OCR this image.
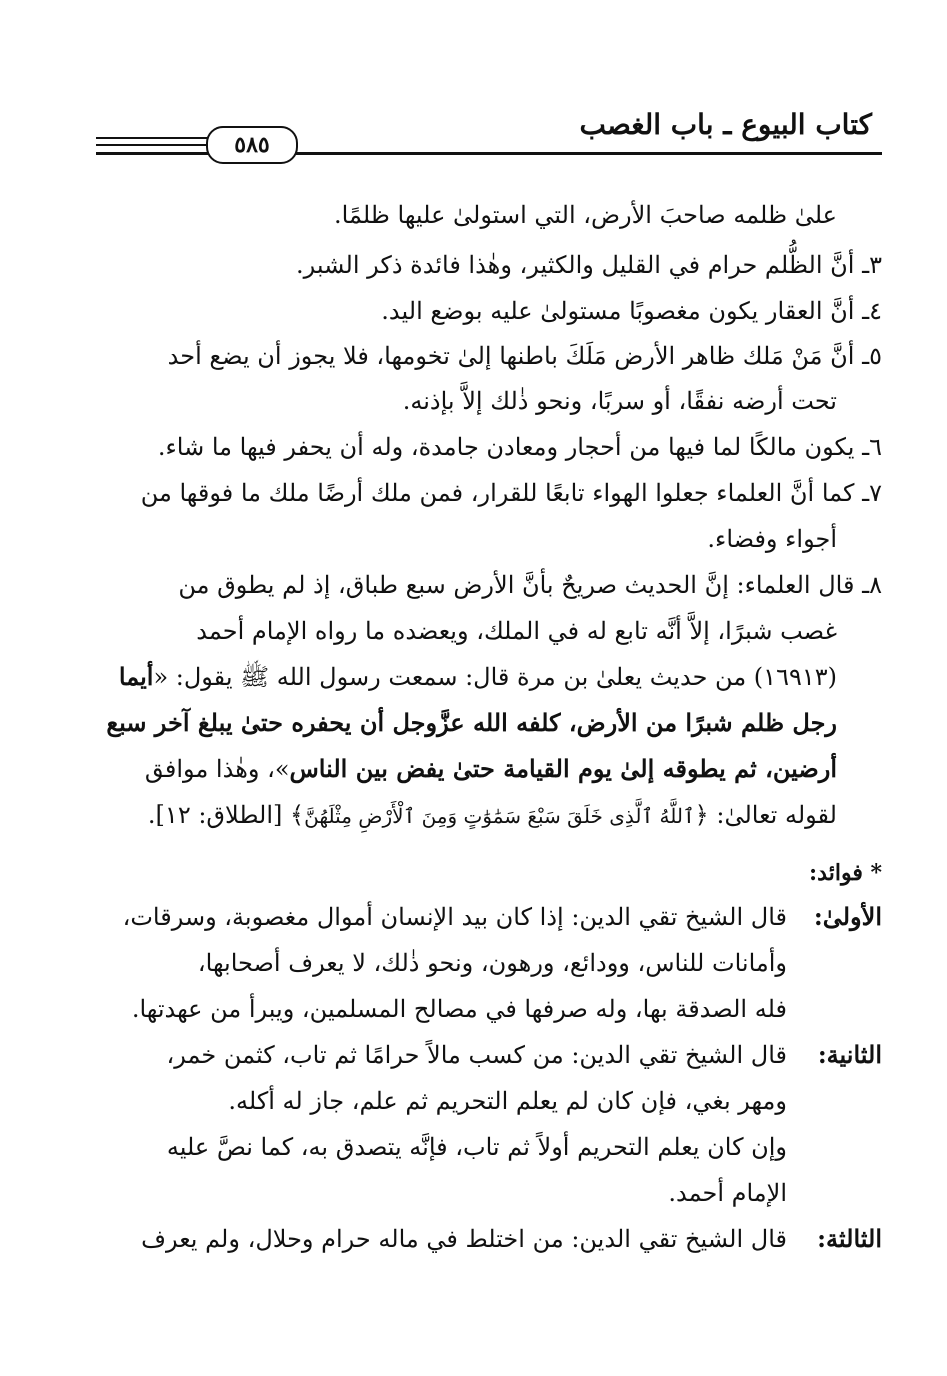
كتاب البيوع ـ باب الغصب
٥٨٥
علىٰ ظلمه صاحبَ الأرض، التي استولىٰ عليها ظلمًا.
٣ـ أنَّ الظُّلم حرام في القليل والكثير، وهٰذا فائدة ذكر الشبر.
٤ـ أنَّ العقار يكون مغصوبًا مستولىٰ عليه بوضع اليد.
٥ـ أنَّ مَنْ مَلك ظاهر الأرض مَلَكَ باطنها إلىٰ تخومها، فلا يجوز أن يضع أحد
تحت أرضه نفقًا، أو سربًا، ونحو ذٰلك إلاَّ بإذنه.
٦ـ يكون مالكًا لما فيها من أحجار ومعادن جامدة، وله أن يحفر فيها ما شاء.
٧ـ كما أنَّ العلماء جعلوا الهواء تابعًا للقرار، فمن ملك أرضًا ملك ما فوقها من
أجواء وفضاء.
٨ـ قال العلماء: إنَّ الحديث صريحٌ بأنَّ الأرض سبع طباق، إذ لم يطوق من
غصب شبرًا، إلاَّ أنَّه تابع له في الملك، ويعضده ما رواه الإمام أحمد
(١٦٩١٣) من حديث يعلىٰ بن مرة قال: سمعت رسول الله ﷺ يقول: «أيما
رجل ظلم شبرًا من الأرض، كلفه الله عزَّوجل أن يحفره حتىٰ يبلغ آخر سبع
أرضين، ثم يطوقه إلىٰ يوم القيامة حتىٰ يفض بين الناس»، وهٰذا موافق
لقوله تعالىٰ: ﴿ٱللَّهُ ٱلَّذِى خَلَقَ سَبْعَ سَمَٰوَٰتٍ وَمِنَ ٱلْأَرْضِ مِثْلَهُنَّ﴾ [الطلاق: ١٢].
* فوائد:
الأولىٰ:
قال الشيخ تقي الدين: إذا كان بيد الإنسان أموال مغصوبة، وسرقات،
وأمانات للناس، وودائع، ورهون، ونحو ذٰلك، لا يعرف أصحابها،
فله الصدقة بها، وله صرفها في مصالح المسلمين، ويبرأ من عهدتها.
الثانية:
قال الشيخ تقي الدين: من كسب مالاً حرامًا ثم تاب، كثمن خمر،
ومهر بغي، فإن كان لم يعلم التحريم ثم علم، جاز له أكله.
وإن كان يعلم التحريم أولاً ثم تاب، فإنَّه يتصدق به، كما نصَّ عليه
الإمام أحمد.
الثالثة:
قال الشيخ تقي الدين: من اختلط في ماله حرام وحلال، ولم يعرف
